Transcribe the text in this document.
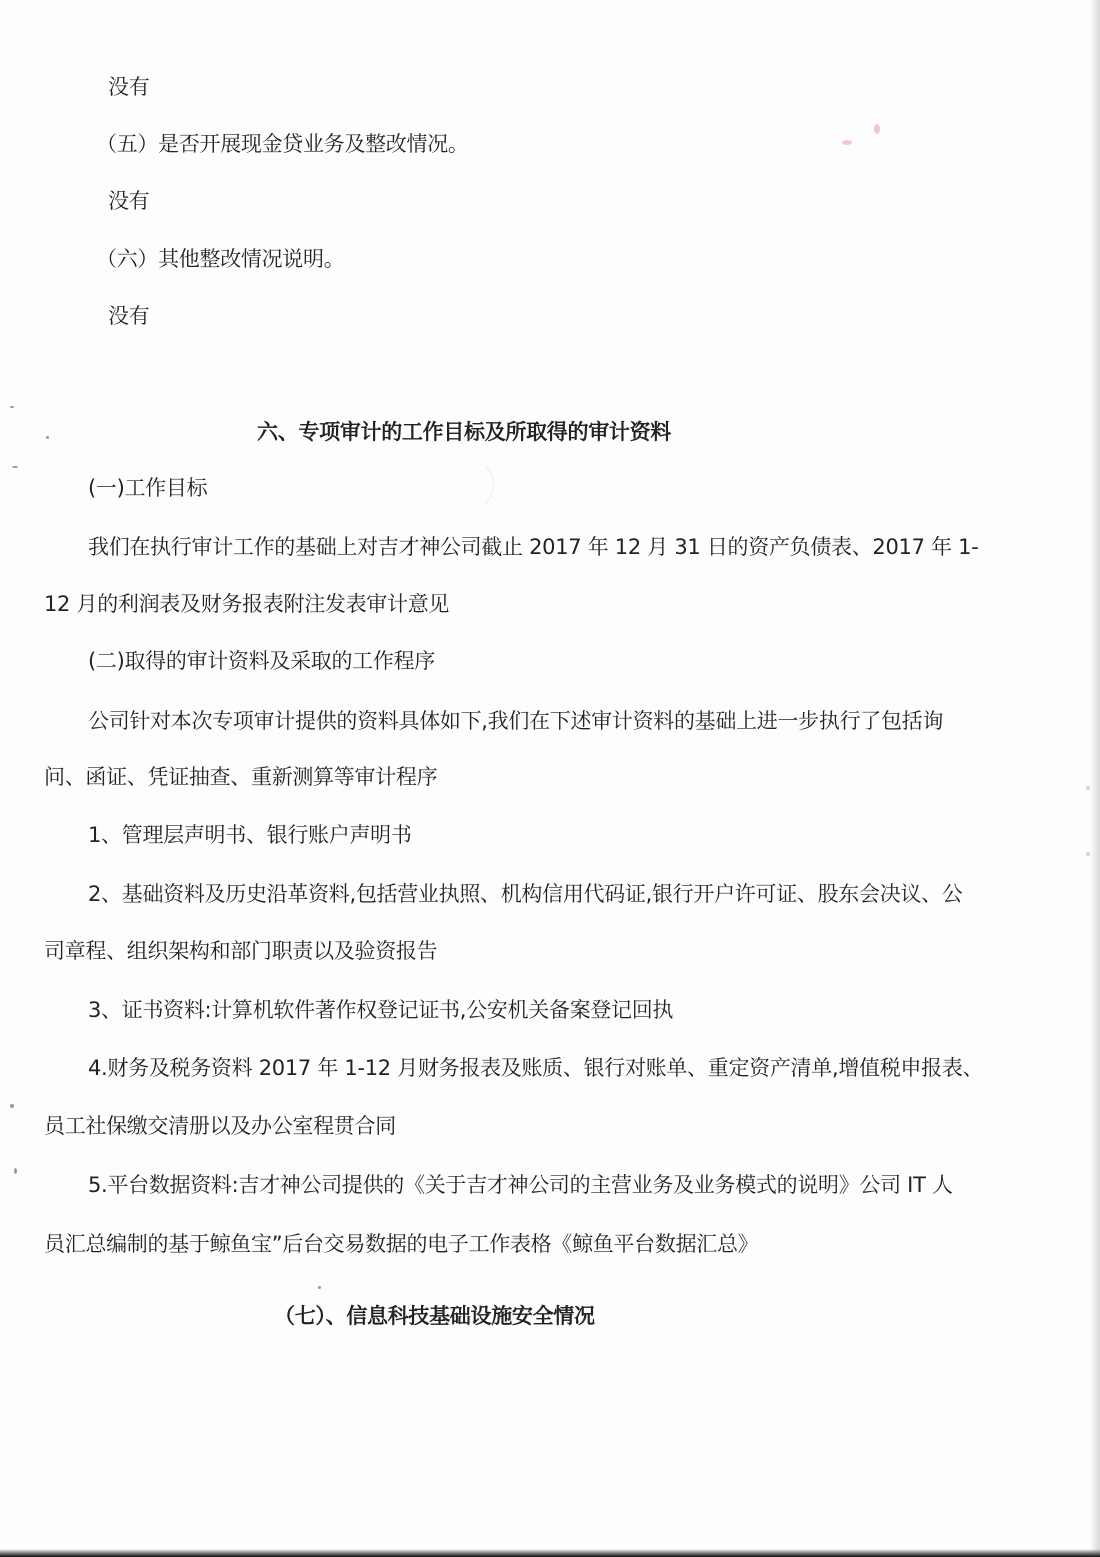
没有
（五）是否开展现金贷业务及整改情况。
没有
（六）其他整改情况说明。
没有
六、专项审计的工作目标及所取得的审计资料
(一)工作目标
我们在执行审计工作的基础上对吉才神公司截止 2017 年 12 月 31 日的资产负债表、2017 年 1-
12 月的利润表及财务报表附注发表审计意见
(二)取得的审计资料及采取的工作程序
公司针对本次专项审计提供的资料具体如下,我们在下述审计资料的基础上进一步执行了包括询
问、函证、凭证抽查、重新测算等审计程序
1、管理层声明书、银行账户声明书
2、基础资料及历史沿革资料,包括营业执照、机构信用代码证,银行开户许可证、股东会决议、公
司章程、组织架构和部门职责以及验资报告
3、证书资料:计算机软件著作权登记证书,公安机关备案登记回执
4.财务及税务资料 2017 年 1-12 月财务报表及账质、银行对账单、重定资产清单,增值税申报表、
员工社保缴交清册以及办公室程贯合同
5.平台数据资料:吉才神公司提供的《关于吉才神公司的主营业务及业务模式的说明》公司 IT 人
员汇总编制的基于鲸鱼宝”后台交易数据的电子工作表格《鲸鱼平台数据汇总》
（七）、信息科技基础设施安全情况
